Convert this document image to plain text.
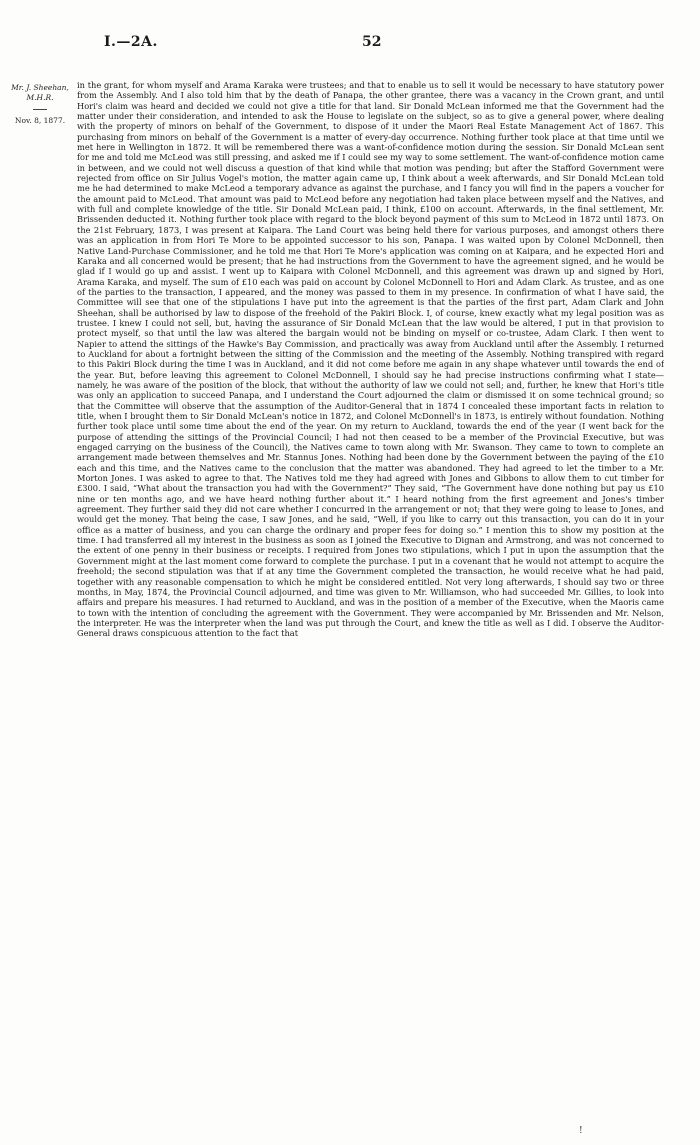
I.—2A.	52
Mr. J. Sheehan,
M.H.R.
Nov. 8, 1877.

in the grant, for whom myself and Arama Karaka were trustees; and that to enable us to sell it would be necessary to have statutory power from the Assembly. And I also told him that by the death of Panapa, the other grantee, there was a vacancy in the Crown grant, and until Hori's claim was heard and decided we could not give a title for that land. Sir Donald McLean informed me that the Government had the matter under their consideration, and intended to ask the House to legislate on the subject, so as to give a general power, where dealing with the property of minors on behalf of the Government, to dispose of it under the Maori Real Estate Management Act of 1867. This purchasing from minors on behalf of the Government is a matter of every-day occurrence. Nothing further took place at that time until we met here in Wellington in 1872. It will be remembered there was a want-of-confidence motion during the session. Sir Donald McLean sent for me and told me McLeod was still pressing, and asked me if I could see my way to some settlement. The want-of-confidence motion came in between, and we could not well discuss a question of that kind while that motion was pending; but after the Stafford Government were rejected from office on Sir Julius Vogel's motion, the matter again came up, I think about a week afterwards, and Sir Donald McLean told me he had determined to make McLeod a temporary advance as against the purchase, and I fancy you will find in the papers a voucher for the amount paid to McLeod. That amount was paid to McLeod before any negotiation had taken place between myself and the Natives, and with full and complete knowledge of the title. Sir Donald McLean paid, I think, £100 on account. Afterwards, in the final settlement, Mr. Brissenden deducted it. Nothing further took place with regard to the block beyond payment of this sum to McLeod in 1872 until 1873. On the 21st February, 1873, I was present at Kaipara. The Land Court was being held there for various purposes, and amongst others there was an application in from Hori Te More to be appointed successor to his son, Panapa. I was waited upon by Colonel McDonnell, then Native Land-Purchase Commissioner, and he told me that Hori Te More's application was coming on at Kaipara, and he expected Hori and Karaka and all concerned would be present; that he had instructions from the Government to have the agreement signed, and he would be glad if I would go up and assist. I went up to Kaipara with Colonel McDonnell, and this agreement was drawn up and signed by Hori, Arama Karaka, and myself. The sum of £10 each was paid on account by Colonel McDonnell to Hori and Adam Clark. As trustee, and as one of the parties to the transaction, I appeared, and the money was passed to them in my presence. In confirmation of what I have said, the Committee will see that one of the stipulations I have put into the agreement is that the parties of the first part, Adam Clark and John Sheehan, shall be authorised by law to dispose of the freehold of the Pakiri Block. I, of course, knew exactly what my legal position was as trustee. I knew I could not sell, but, having the assurance of Sir Donald McLean that the law would be altered, I put in that provision to protect myself, so that until the law was altered the bargain would not be binding on myself or co-trustee, Adam Clark. I then went to Napier to attend the sittings of the Hawke's Bay Commission, and practically was away from Auckland until after the Assembly. I returned to Auckland for about a fortnight between the sitting of the Commission and the meeting of the Assembly. Nothing transpired with regard to this Pakiri Block during the time I was in Auckland, and it did not come before me again in any shape whatever until towards the end of the year. But, before leaving this agreement to Colonel McDonnell, I should say he had precise instructions confirming what I state—namely, he was aware of the position of the block, that without the authority of law we could not sell; and, further, he knew that Hori's title was only an application to succeed Panapa, and I understand the Court adjourned the claim or dismissed it on some technical ground; so that the Committee will observe that the assumption of the Auditor-General that in 1874 I concealed these important facts in relation to title, when I brought them to Sir Donald McLean's notice in 1872, and Colonel McDonnell's in 1873, is entirely without foundation. Nothing further took place until some time about the end of the year. On my return to Auckland, towards the end of the year (I went back for the purpose of attending the sittings of the Provincial Council; I had not then ceased to be a member of the Provincial Executive, but was engaged carrying on the business of the Council), the Natives came to town along with Mr. Swanson. They came to town to complete an arrangement made between themselves and Mr. Stannus Jones. Nothing had been done by the Government between the paying of the £10 each and this time, and the Natives came to the conclusion that the matter was abandoned. They had agreed to let the timber to a Mr. Morton Jones. I was asked to agree to that. The Natives told me they had agreed with Jones and Gibbons to allow them to cut timber for £300. I said, “What about the transaction you had with the Government?” They said, “The Government have done nothing but pay us £10 nine or ten months ago, and we have heard nothing further about it.” I heard nothing from the first agreement and Jones's timber agreement. They further said they did not care whether I concurred in the arrangement or not; that they were going to lease to Jones, and would get the money. That being the case, I saw Jones, and he said, “Well, if you like to carry out this transaction, you can do it in your office as a matter of business, and you can charge the ordinary and proper fees for doing so.” I mention this to show my position at the time. I had transferred all my interest in the business as soon as I joined the Executive to Dignan and Armstrong, and was not concerned to the extent of one penny in their business or receipts. I required from Jones two stipulations, which I put in upon the assumption that the Government might at the last moment come forward to complete the purchase. I put in a covenant that he would not attempt to acquire the freehold; the second stipulation was that if at any time the Government completed the transaction, he would receive what he had paid, together with any reasonable compensation to which he might be considered entitled. Not very long afterwards, I should say two or three months, in May, 1874, the Provincial Council adjourned, and time was given to Mr. Williamson, who had succeeded Mr. Gillies, to look into affairs and prepare his measures. I had returned to Auckland, and was in the position of a member of the Executive, when the Maoris came to town with the intention of concluding the agreement with the Government. They were accompanied by Mr. Brissenden and Mr. Nelson, the interpreter. He was the interpreter when the land was put through the Court, and knew the title as well as I did. I observe the Auditor-General draws conspicuous attention to the fact that

!
